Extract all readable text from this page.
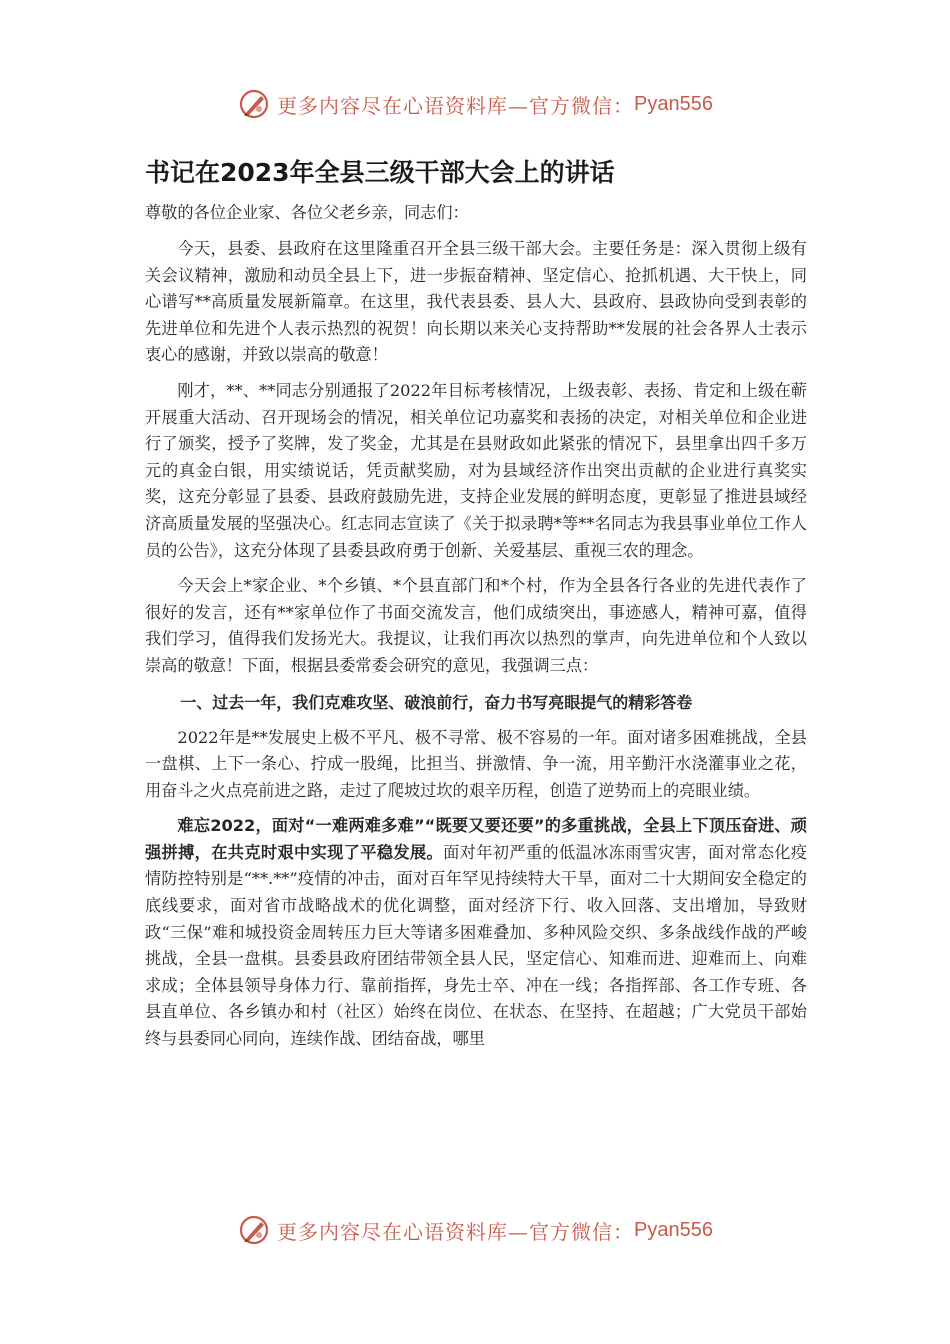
更多内容尽在心语资料库—官方微信： Pyan556
书记在2023年全县三级干部大会上的讲话

尊敬的各位企业家、各位父老乡亲，同志们：

今天，县委、县政府在这里隆重召开全县三级干部大会。主要任务是：深入贯彻上级有关会议精神，激励和动员全县上下，进一步振奋精神、坚定信心、抢抓机遇、大干快上，同心谱写**高质量发展新篇章。在这里，我代表县委、县人大、县政府、县政协向受到表彰的先进单位和先进个人表示热烈的祝贺！向长期以来关心支持帮助**发展的社会各界人士表示衷心的感谢，并致以崇高的敬意！

刚才，**、**同志分别通报了2022年目标考核情况，上级表彰、表扬、肯定和上级在蕲开展重大活动、召开现场会的情况，相关单位记功嘉奖和表扬的决定，对相关单位和企业进行了颁奖，授予了奖牌，发了奖金，尤其是在县财政如此紧张的情况下，县里拿出四千多万元的真金白银，用实绩说话，凭贡献奖励，对为县域经济作出突出贡献的企业进行真奖实奖，这充分彰显了县委、县政府鼓励先进，支持企业发展的鲜明态度，更彰显了推进县域经济高质量发展的坚强决心。红志同志宣读了《关于拟录聘*等**名同志为我县事业单位工作人员的公告》，这充分体现了县委县政府勇于创新、关爱基层、重视三农的理念。

今天会上*家企业、*个乡镇、*个县直部门和*个村，作为全县各行各业的先进代表作了很好的发言，还有**家单位作了书面交流发言，他们成绩突出，事迹感人，精神可嘉，值得我们学习，值得我们发扬光大。我提议，让我们再次以热烈的掌声，向先进单位和个人致以崇高的敬意！下面，根据县委常委会研究的意见，我强调三点：

一、过去一年，我们克难攻坚、破浪前行，奋力书写亮眼提气的精彩答卷

2022年是**发展史上极不平凡、极不寻常、极不容易的一年。面对诸多困难挑战，全县一盘棋、上下一条心、拧成一股绳，比担当、拼激情、争一流，用辛勤汗水浇灌事业之花，用奋斗之火点亮前进之路，走过了爬坡过坎的艰辛历程，创造了逆势而上的亮眼业绩。

难忘2022，面对“一难两难多难”“既要又要还要”的多重挑战，全县上下顶压奋进、顽强拼搏，在共克时艰中实现了平稳发展。面对年初严重的低温冰冻雨雪灾害，面对常态化疫情防控特别是“**.**”疫情的冲击，面对百年罕见持续特大干旱，面对二十大期间安全稳定的底线要求，面对省市战略战术的优化调整，面对经济下行、收入回落、支出增加，导致财政“三保”难和城投资金周转压力巨大等诸多困难叠加、多种风险交织、多条战线作战的严峻挑战，全县一盘棋。县委县政府团结带领全县人民，坚定信心、知难而进、迎难而上、向难求成；全体县领导身体力行、靠前指挥，身先士卒、冲在一线；各指挥部、各工作专班、各县直单位、各乡镇办和村（社区）始终在岗位、在状态、在坚持、在超越；广大党员干部始终与县委同心同向，连续作战、团结奋战，哪里

更多内容尽在心语资料库—官方微信： Pyan556
